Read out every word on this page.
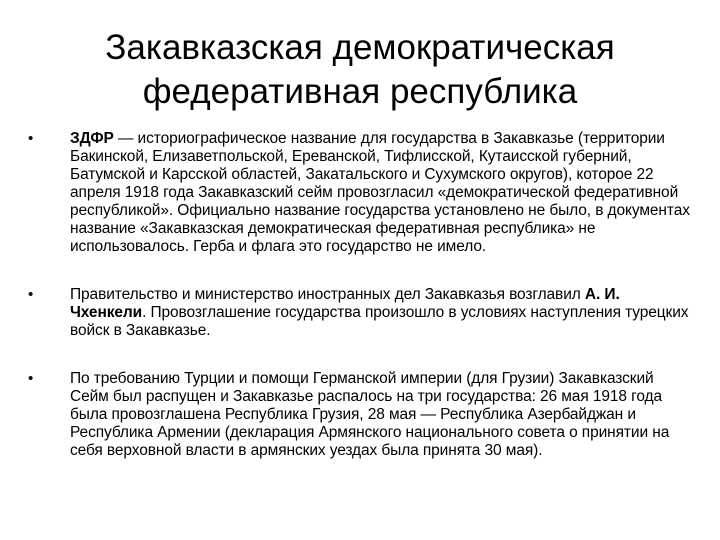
Закавказская демократическая
федеративная республика
•	ЗДФР — историографическое название для государства в Закавказье (территории Бакинской, Елизаветпольской, Ереванской, Тифлисской, Кутаисской губерний, Батумской и Карсской областей, Закатальского и Сухумского округов), которое 22 апреля 1918 года Закавказский сейм провозгласил «демократической федеративной республикой». Официально название государства установлено не было, в документах название «Закавказская демократическая федеративная республика» не использовалось. Герба и флага это государство не имело.
•	Правительство и министерство иностранных дел Закавказья возглавил А. И. Чхенкели. Провозглашение государства произошло в условиях наступления турецких войск в Закавказье.
•	По требованию Турции и помощи Германской империи (для Грузии) Закавказский Сейм был распущен и Закавказье распалось на три государства: 26 мая 1918 года была провозглашена Республика Грузия, 28 мая — Республика Азербайджан и Республика Армении (декларация Армянского национального совета о принятии на себя верховной власти в армянских уездах была принята 30 мая).
